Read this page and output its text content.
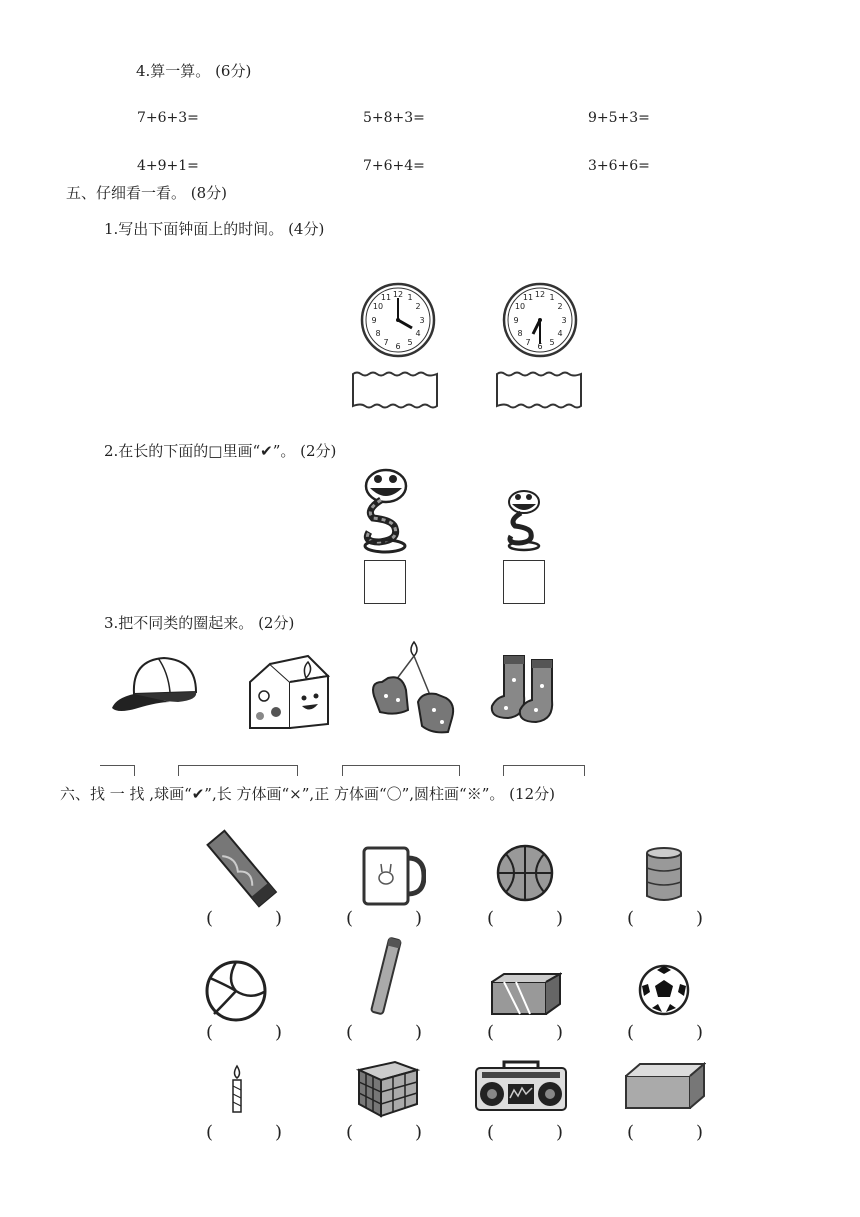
4.算一算。 (6分)
7+6+3=	5+8+3=	9+5+3=
4+9+1=	7+6+4=	3+6+6=
五、仔细看一看。 (8分)
1.写出下面钟面上的时间。 (4分)
12 1
2
3
4
5
6
7
8
9
10
11	12 1
2
3
4
5
6
7
8
9
10
11
2.在长的下面的□里画“✔”。 (2分)
3.把不同类的圈起来。 (2分)
六、找 一 找 ,球画“✔”,长 方体画“×”,正 方体画“〇”,圆柱画“※”。 (12分)
(	)	(	)	(	)	(	)
(	)	(	)	(	)	(	)
(	)	(	)	(	)	(	)
